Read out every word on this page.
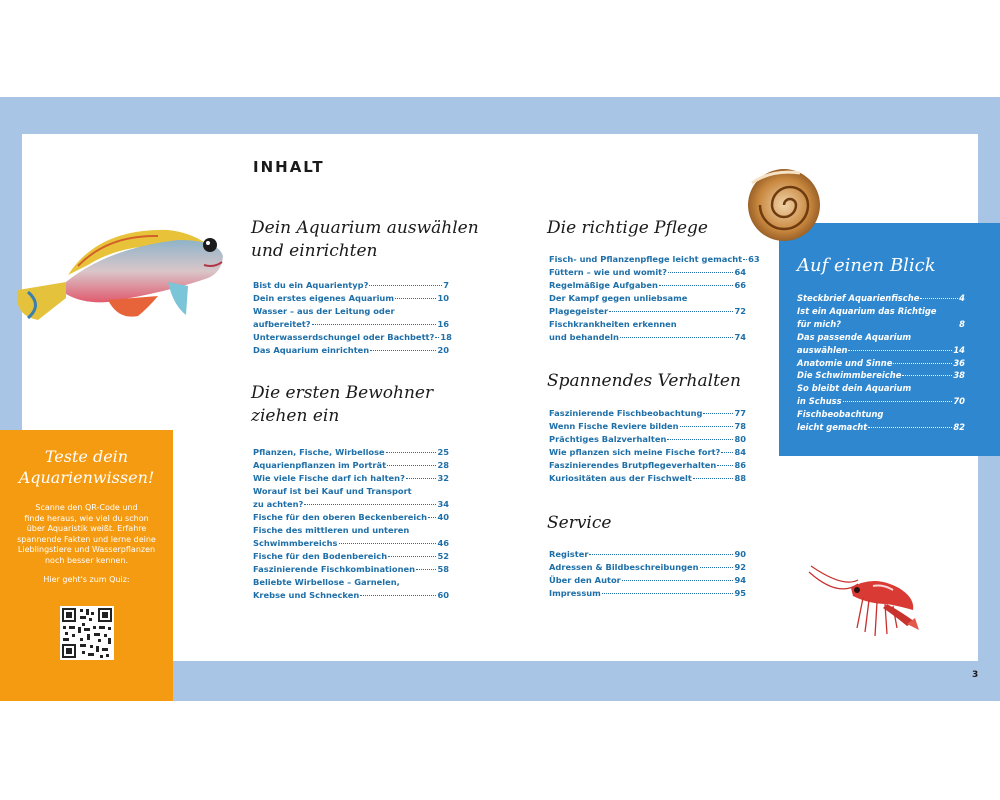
INHALT
Dein Aquarium auswählen
und einrichten
Bist du ein Aquarientyp?	7
Dein erstes eigenes Aquarium	10
Wasser – aus der Leitung oder
aufbereitet?	16
Unterwasserdschungel oder Bachbett? 18
Das Aquarium einrichten	20
Die ersten Bewohner
ziehen ein
Pflanzen, Fische, Wirbellose	25
Aquarienpflanzen im Porträt	28
Wie viele Fische darf ich halten?	32
Worauf ist bei Kauf und Transport
zu achten?	34
Fische für den oberen Beckenbereich 40
Fische des mittleren und unteren
Schwimmbereichs	46
Fische für den Bodenbereich	52
Faszinierende Fischkombinationen	58
Beliebte Wirbellose – Garnelen,
Krebse und Schnecken	60
Die richtige Pflege
Fisch- und Pflanzenpflege leicht gemacht 63
Füttern – wie und womit?	64
Regelmäßige Aufgaben	66
Der Kampf gegen unliebsame
Plagegeister	72
Fischkrankheiten erkennen
und behandeln	74
Spannendes Verhalten
Faszinierende Fischbeobachtung	77
Wenn Fische Reviere bilden	78
Prächtiges Balzverhalten	80
Wie pflanzen sich meine Fische fort? 84
Faszinierendes Brutpflegeverhalten 86
Kuriositäten aus der Fischwelt	88
Service
Register	90
Adressen & Bildbeschreibungen	92
Über den Autor	94
Impressum	95
Auf einen Blick
Steckbrief Aquarienfische	4
Ist ein Aquarium das Richtige
für mich?	8
Das passende Aquarium
auswählen	14
Anatomie und Sinne	36
Die Schwimmbereiche	38
So bleibt dein Aquarium
in Schuss	70
Fischbeobachtung
leicht gemacht	82
Teste dein
Aquarienwissen!
Scanne den QR-Code und
finde heraus, wie viel du schon
über Aquaristik weißt. Erfahre
spannende Fakten und lerne deine
Lieblingstiere und Wasserpflanzen
noch besser kennen.
Hier geht's zum Quiz:
3
